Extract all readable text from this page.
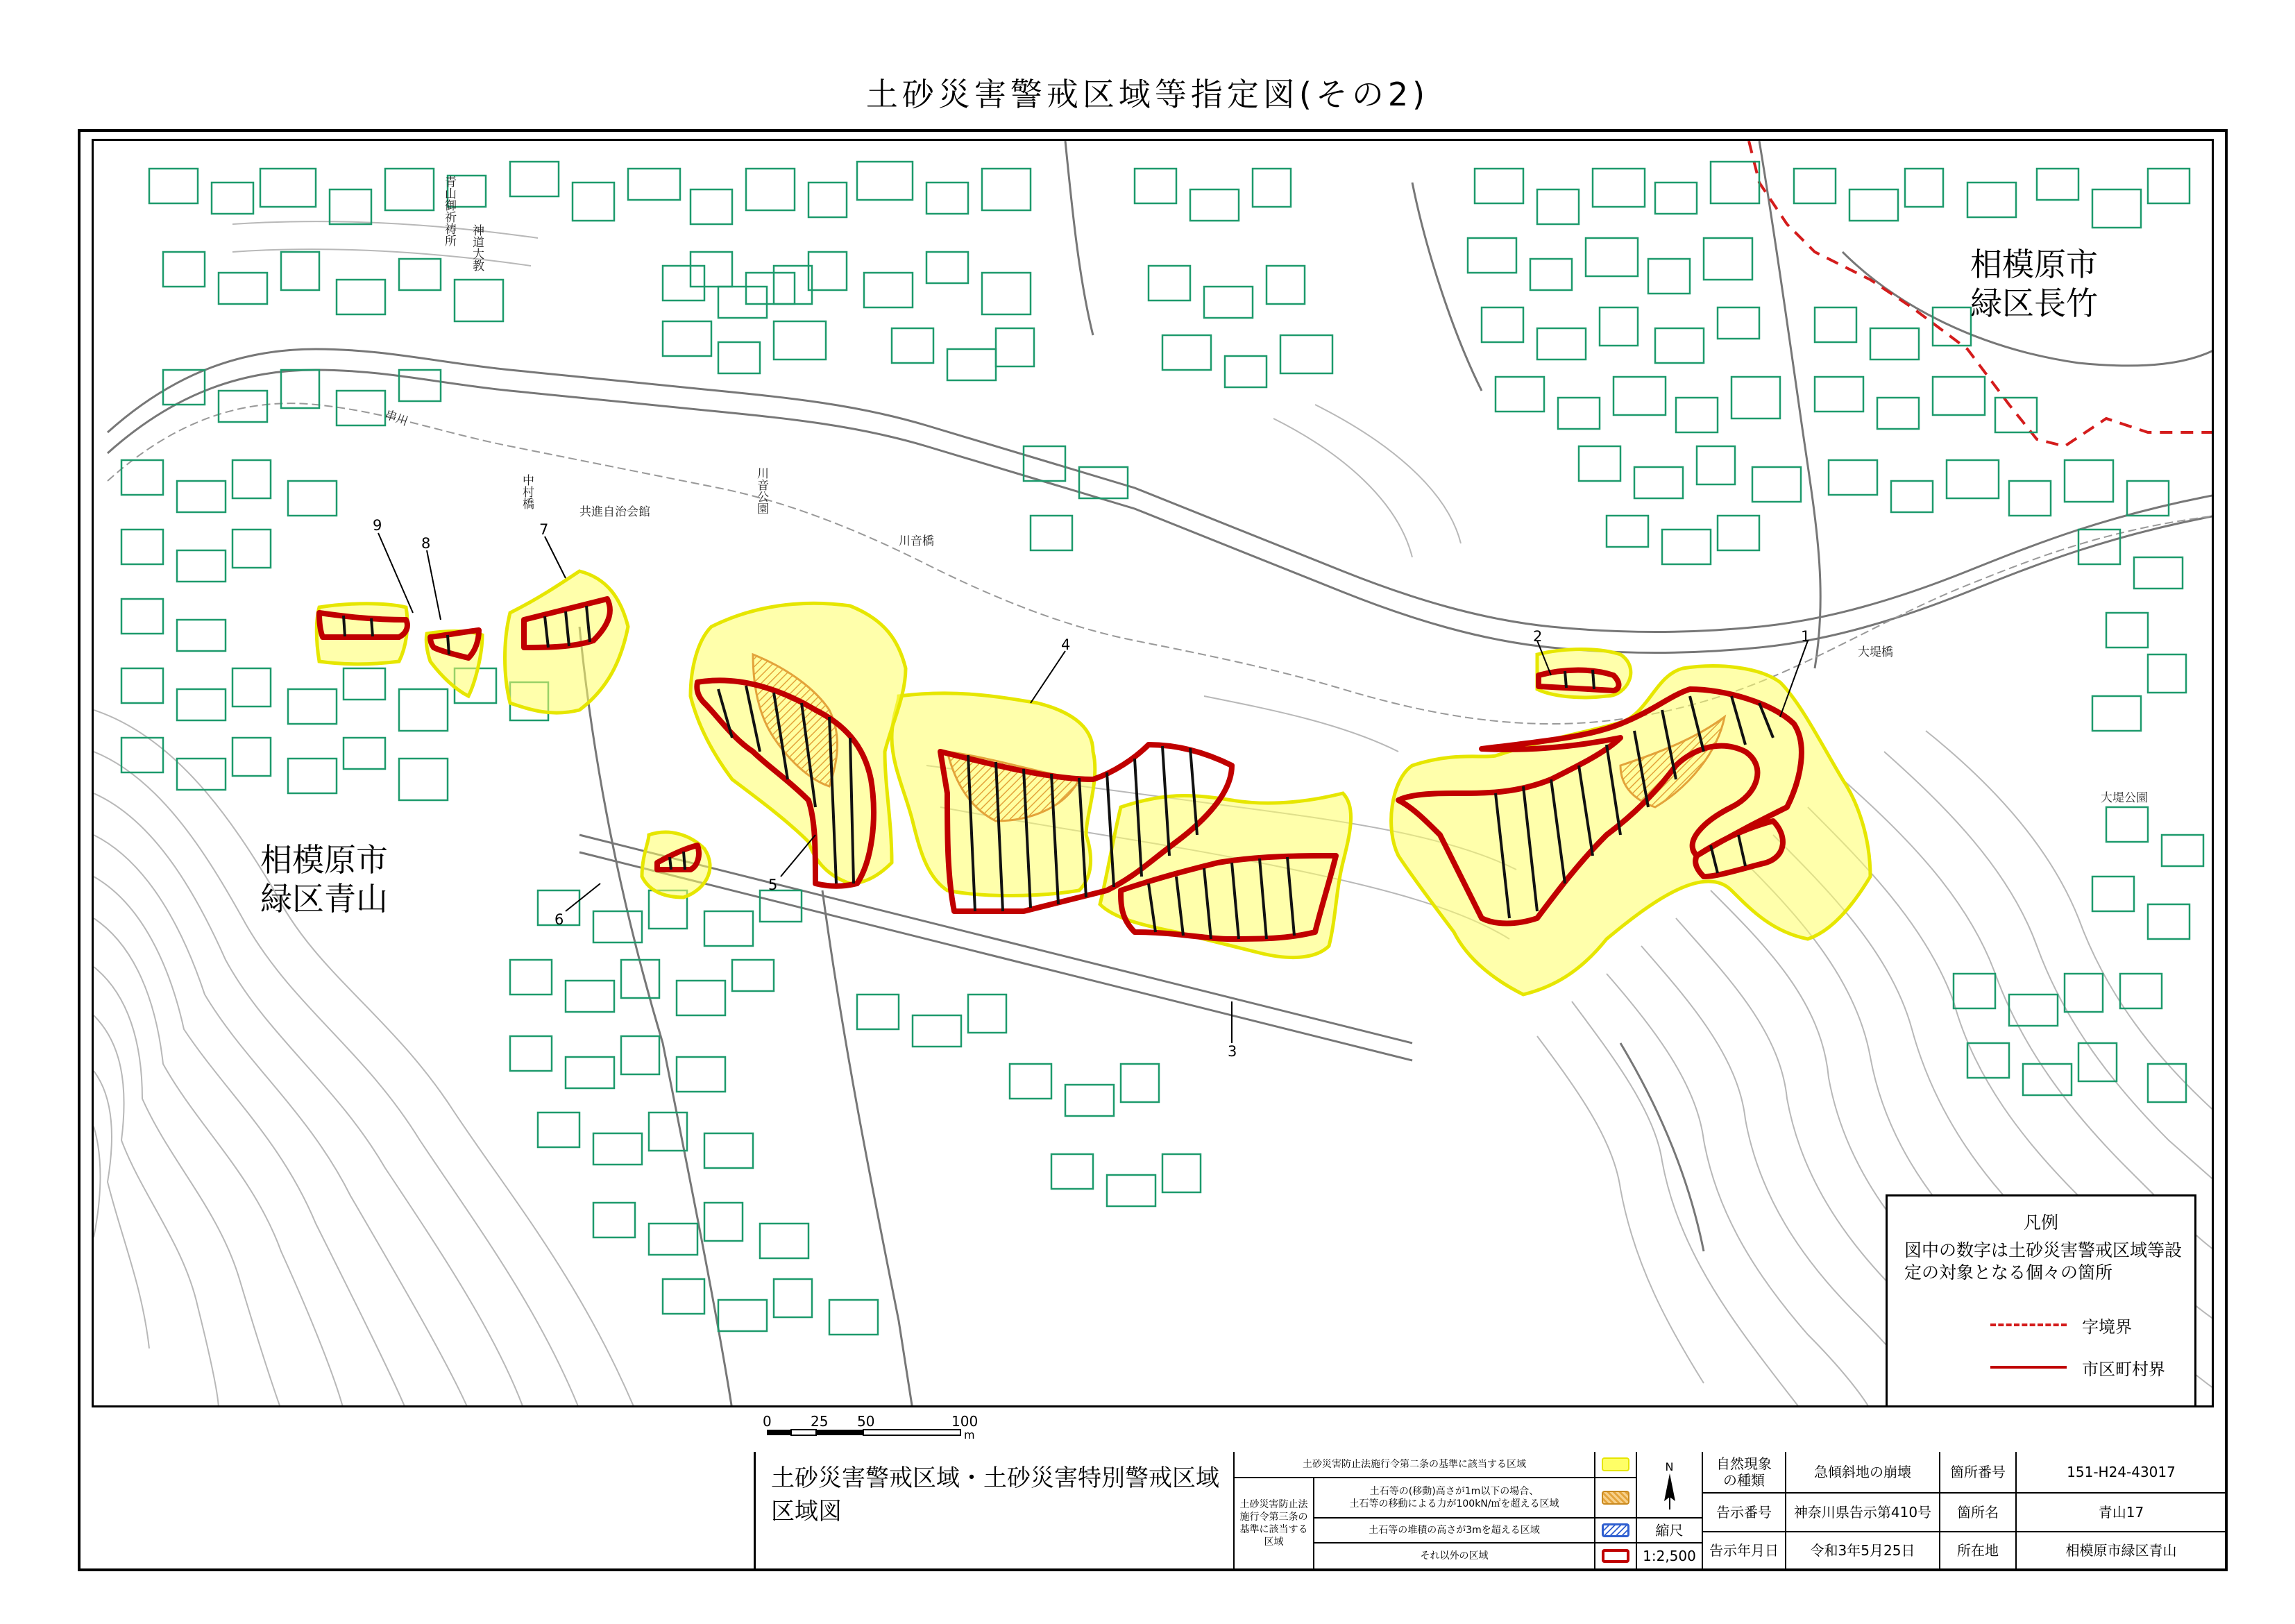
土砂災害警戒区域等指定図(その2)
1
2
3
4
5
6
7
8
9
共進自治会館	川音公園
川音橋
串川
中村橋
大堤橋
大堤公園
青山御祈祷所
神道大教
相模原市
緑区青山
相模原市
緑区長竹
凡例
図中の数字は土砂災害警戒区域等設定の対象となる個々の箇所
字境界
市区町村界
0	25 50	100
m
土砂災害警戒区域・土砂災害特別警戒区域
区域図
土砂災害防止法施行令第二条の基準に該当する区域
土砂災害防止法
施行令第三条の
基準に該当する
区域
土石等の(移動)高さが1m以下の場合、
土石等の移動による力が100kN/㎡を超える区域
土石等の堆積の高さが3mを超える区域
それ以外の区域
N
縮尺
1:2,500
自然現象
の種類	急傾斜地の崩壊	箇所番号	151-H24-43017
告示番号	神奈川県告示第410号	箇所名	青山17
告示年月日	令和3年5月25日	所在地	相模原市緑区青山
